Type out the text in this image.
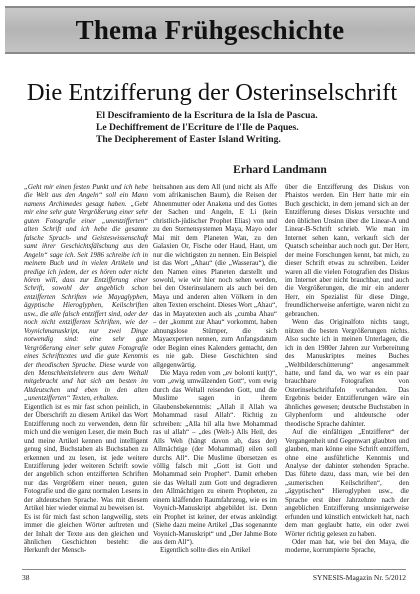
Thema Frühgeschichte
Die Entzifferung der Osterinselschrift

El Desciframiento de la Escritura de la Isla de Pascua.

Le Dechiffrement de l'Ecriture de l'Ile de Paques.

The Decipherement of Easter Island Writing.

Erhard Landmann

„Geht mir einen festen Punkt und ich hebe die Welt aus den Angeln“ soll ein Mann namens Archimedes gesagt haben. „Gebt mir eine sehr gute Vergrößerung einer sehr guten Fotografie einer „unentzifferten“ alten Schrift und ich hebe die gesamte falsche Sprach- und Geisteswissenschaft samt ihrer Geschichtsfälschung aus den Angeln“ sage ich. Seit 1986 schreibe ich in meinem Buch und in vielen Artikeln und predige ich jedem, der es hören oder nicht hören will, dass zur Entzifferung einer Schrift, sowohl der angeblich schon entzifferten Schriften wie Mayaglyphen, ägyptische Hieroglyphen, Keilschriften usw., die alle falsch entziffert sind, oder der noch nicht entzifferten Schriften, wie der Voynichmanuskript, nur zwei Dinge notwendig sind: eine sehr gute Vergrößerung einer sehr guten Fotografie eines Schrifttextes und die gute Kenntnis der theodischen Sprache. Diese wurde von den Menschheitslehrern aus dem Weltall mitgebracht und hat sich am besten im Altdeutschen und eben in den alten „unentzifferten“ Texten, erhalten.

Eigentlich ist es mir fast schon peinlich, in der Überschrift zu diesem Artikel das Wort Entzifferung noch zu verwenden, denn für mich und die wenigen Leser, die mein Buch und meine Artikel kennen und intelligent genug sind, Buchstaben als Buchstaben zu erkennen und zu lesen, ist jede weitere Entzifferung jeder weiteren Schrift sowie der angeblich schon entzifferten Schriften nur das Vergrößern einer neuen, guten Fotografie und die ganz normalen Lesens in der altdeutschen Sprache. Was mit diesem Artikel hier wieder einmal zu beweisen ist.

Es ist für mich fast schon langweilig, stets immer die gleichen Wörter auftreten und der Inhalt der Texte aus den gleichen und ähnlichen Geschichten besteht: die Herkunft der Mensch-

heitsahnen aus dem All (und nicht als Affe vom afrikanischen Baum), die Reisen der Ahnenmutter oder Anakena und des Gottes der Sachen und Angeln, E Li (kein christlich-jüdischer Prophet Elias) von und zu den Sternensystemen Maya, Mayo oder Mai mit dem Planeten Wan, zu den Galaxien Or, Fische oder Haud, Haut, um nur die wichtigsten zu nennen. Ein Beispiel ist das Wort „Ahau“ (die „Wasserau“), die den Namen eines Planeten darstellt und sowohl, wie wir hier noch sehen werden, bei den Osterinsulanern als auch bei den Maya und anderen alten Völkern in den alten Texten erscheint. Dieses Wort „Ahau“, das in Mayatexten auch als „cumba Ahau“ – der „kommt zur Ahau“ vorkommt, haben ahnungslose Stümper, die sich Mayaexperten nennen, zum Anfangsdatum oder Beginn eines Kalenders gemacht, den es nie gab. Diese Geschichten sind allgegenwärtig.

Die Maya reden vom „ev bolonti kut(t)“, vom „ewig umwälzenden Gott“, vom ewig durch das Weltall reisenden Gott, und die Muslime sagen in ihrem Glaubensbekenntnis: „Allah il Allah wa Mohammad rasul Allah“. Richtig zu schreiben: „Alla hil alla hwe Mohammad ras ul allah“ – „des (Welt-) Alls Heil, des Alls Weh (hängt davon ab, dass der) Allmächtige (der Mohammad) eilen soll durchs All“. Die Muslime übersetzen es völlig falsch mit „Gott ist Gott und Mohammad sein Prophet“. Damit erheben sie das Weltall zum Gott und degradieren den Allmächtigen zu einem Propheten, zu einem kläffenden Raumfahrzeug, wie es im Voynich-Manuskript abgebildet ist. Denn ein Prophet ist keiner, der etwas ankündigt (Siehe dazu meine Artikel „Das sogenannte Voynich-Manuskript“ und „Der Jahme Bote aus dem All“).

Eigentlich sollte dies ein Artikel

über die Entzifferung des Diskus von Phaistos werden. Ein Herr hatte mir ein Buch geschickt, in dem jemand sich an der Entzifferung dieses Diskus versuchte und den üblichen Unsinn über die Linear-A und Linear-B-Schrift schrieb. Wie man im Internet sehen kann, verkauft sich der Quatsch scheinbar auch noch gut. Der Herr, der meine Forschungen kennt, bat mich, zu dieser Schrift etwas zu schreiben. Leider waren all die vielen Fotografien des Diskus im Internet aber nicht brauchbar, und auch die Vergrößerungen, die mir ein anderer Herr, ein Spezialist für diese Dinge, freundlicherweise anfertigte, waren nicht zu gebrauchen.

Wenn das Originalfoto nichts taugt, nützen die besten Vergrößerungen nichts. Also suchte ich in meinen Unterlagen, die ich in den 1980er Jahren zur Vorbereitung des Manuskriptes meines Buches „Weltbilderschütterung“ angesammelt hatte, und fand da, wo war es ein paar brauchbare Fotografien von Osterinselschriftafeln vorhanden. Das Ergebnis beider Entzifferungen wäre ein ähnliches gewesen; deutsche Buchstaben in Glyphenform und altdeutsche oder theodische Sprache dahinter.

Auf die einfältigen „Entzifferer“ der Vergangenheit und Gegenwart glaubten und glauben, man könne eine Schrift entziffern, ohne eine ausführliche Kenntnis und Analyse der dahinter stehenden Sprache. Das führte dazu, dass man, wie bei den „sumerischen Keilschriften“, den „ägyptischen“ Hieroglyphen usw., die Sprache erst über Jahrzehnte nach der angeblichen Entzifferung unsinnigerweise erfunden und künstlich entwickelt hat, nach dem man geglaubt hatte, ein oder zwei Wörter richtig gelesen zu haben.

Oder man hat, wie bei den Maya, die moderne, korrumpierte Sprache,

38	SYNESIS-Magazin Nr. 5/2012
